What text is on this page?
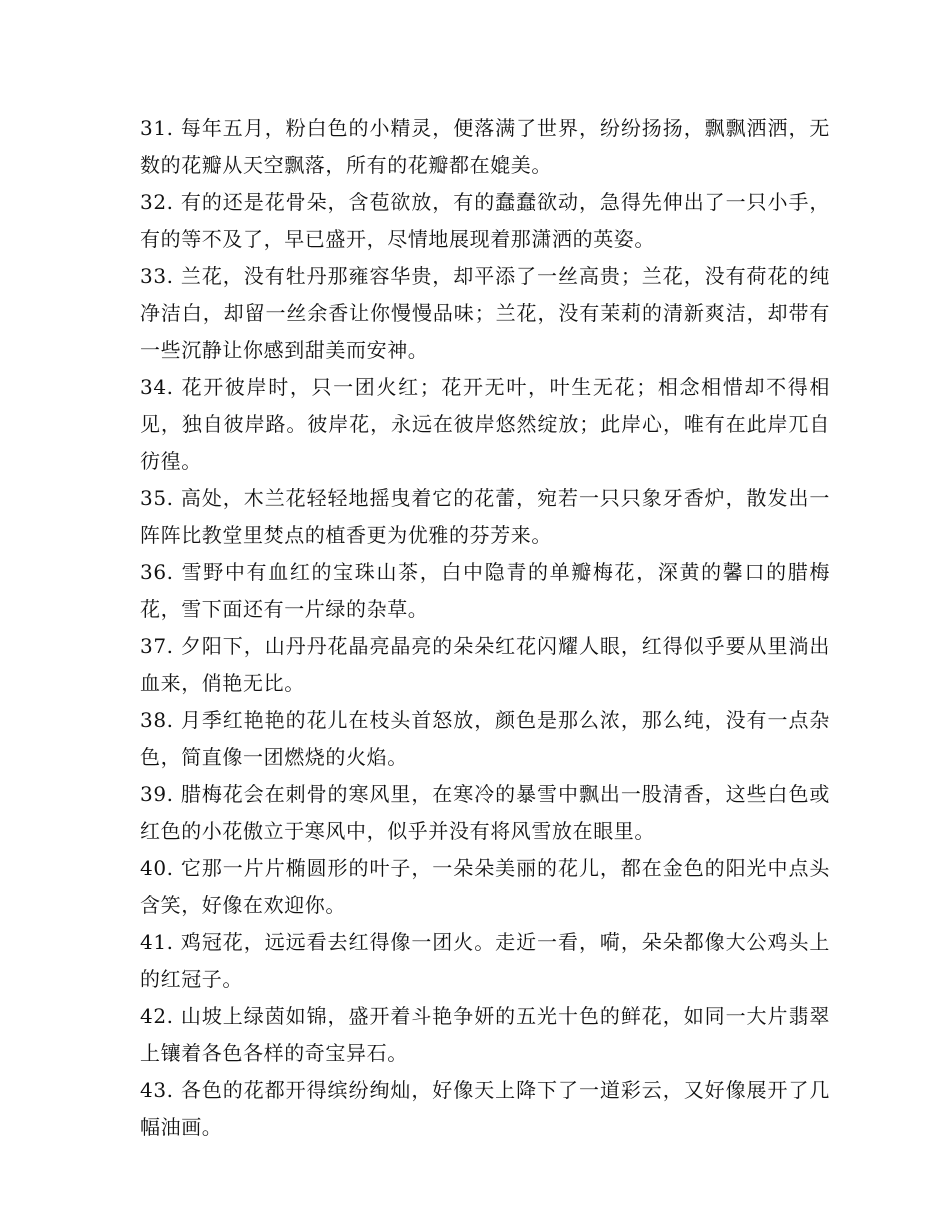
31. 每年五月，粉白色的小精灵，便落满了世界，纷纷扬扬，飘飘洒洒，无数的花瓣从天空飘落，所有的花瓣都在媲美。

32. 有的还是花骨朵，含苞欲放，有的蠢蠢欲动，急得先伸出了一只小手，有的等不及了，早已盛开，尽情地展现着那潇洒的英姿。

33. 兰花，没有牡丹那雍容华贵，却平添了一丝高贵；兰花，没有荷花的纯净洁白，却留一丝余香让你慢慢品味；兰花，没有茉莉的清新爽洁，却带有一些沉静让你感到甜美而安神。

34. 花开彼岸时，只一团火红；花开无叶，叶生无花；相念相惜却不得相见，独自彼岸路。彼岸花，永远在彼岸悠然绽放；此岸心，唯有在此岸兀自彷徨。

35. 高处，木兰花轻轻地摇曳着它的花蕾，宛若一只只象牙香炉，散发出一阵阵比教堂里焚点的植香更为优雅的芬芳来。

36. 雪野中有血红的宝珠山茶，白中隐青的单瓣梅花，深黄的馨口的腊梅花，雪下面还有一片绿的杂草。

37. 夕阳下，山丹丹花晶亮晶亮的朵朵红花闪耀人眼，红得似乎要从里淌出血来，俏艳无比。

38. 月季红艳艳的花儿在枝头首怒放，颜色是那么浓，那么纯，没有一点杂色，简直像一团燃烧的火焰。

39. 腊梅花会在刺骨的寒风里，在寒冷的暴雪中飘出一股清香，这些白色或红色的小花傲立于寒风中，似乎并没有将风雪放在眼里。

40. 它那一片片椭圆形的叶子，一朵朵美丽的花儿，都在金色的阳光中点头含笑，好像在欢迎你。

41. 鸡冠花，远远看去红得像一团火。走近一看，嗬，朵朵都像大公鸡头上的红冠子。

42. 山坡上绿茵如锦，盛开着斗艳争妍的五光十色的鲜花，如同一大片翡翠上镶着各色各样的奇宝异石。

43. 各色的花都开得缤纷绚灿，好像天上降下了一道彩云，又好像展开了几幅油画。
